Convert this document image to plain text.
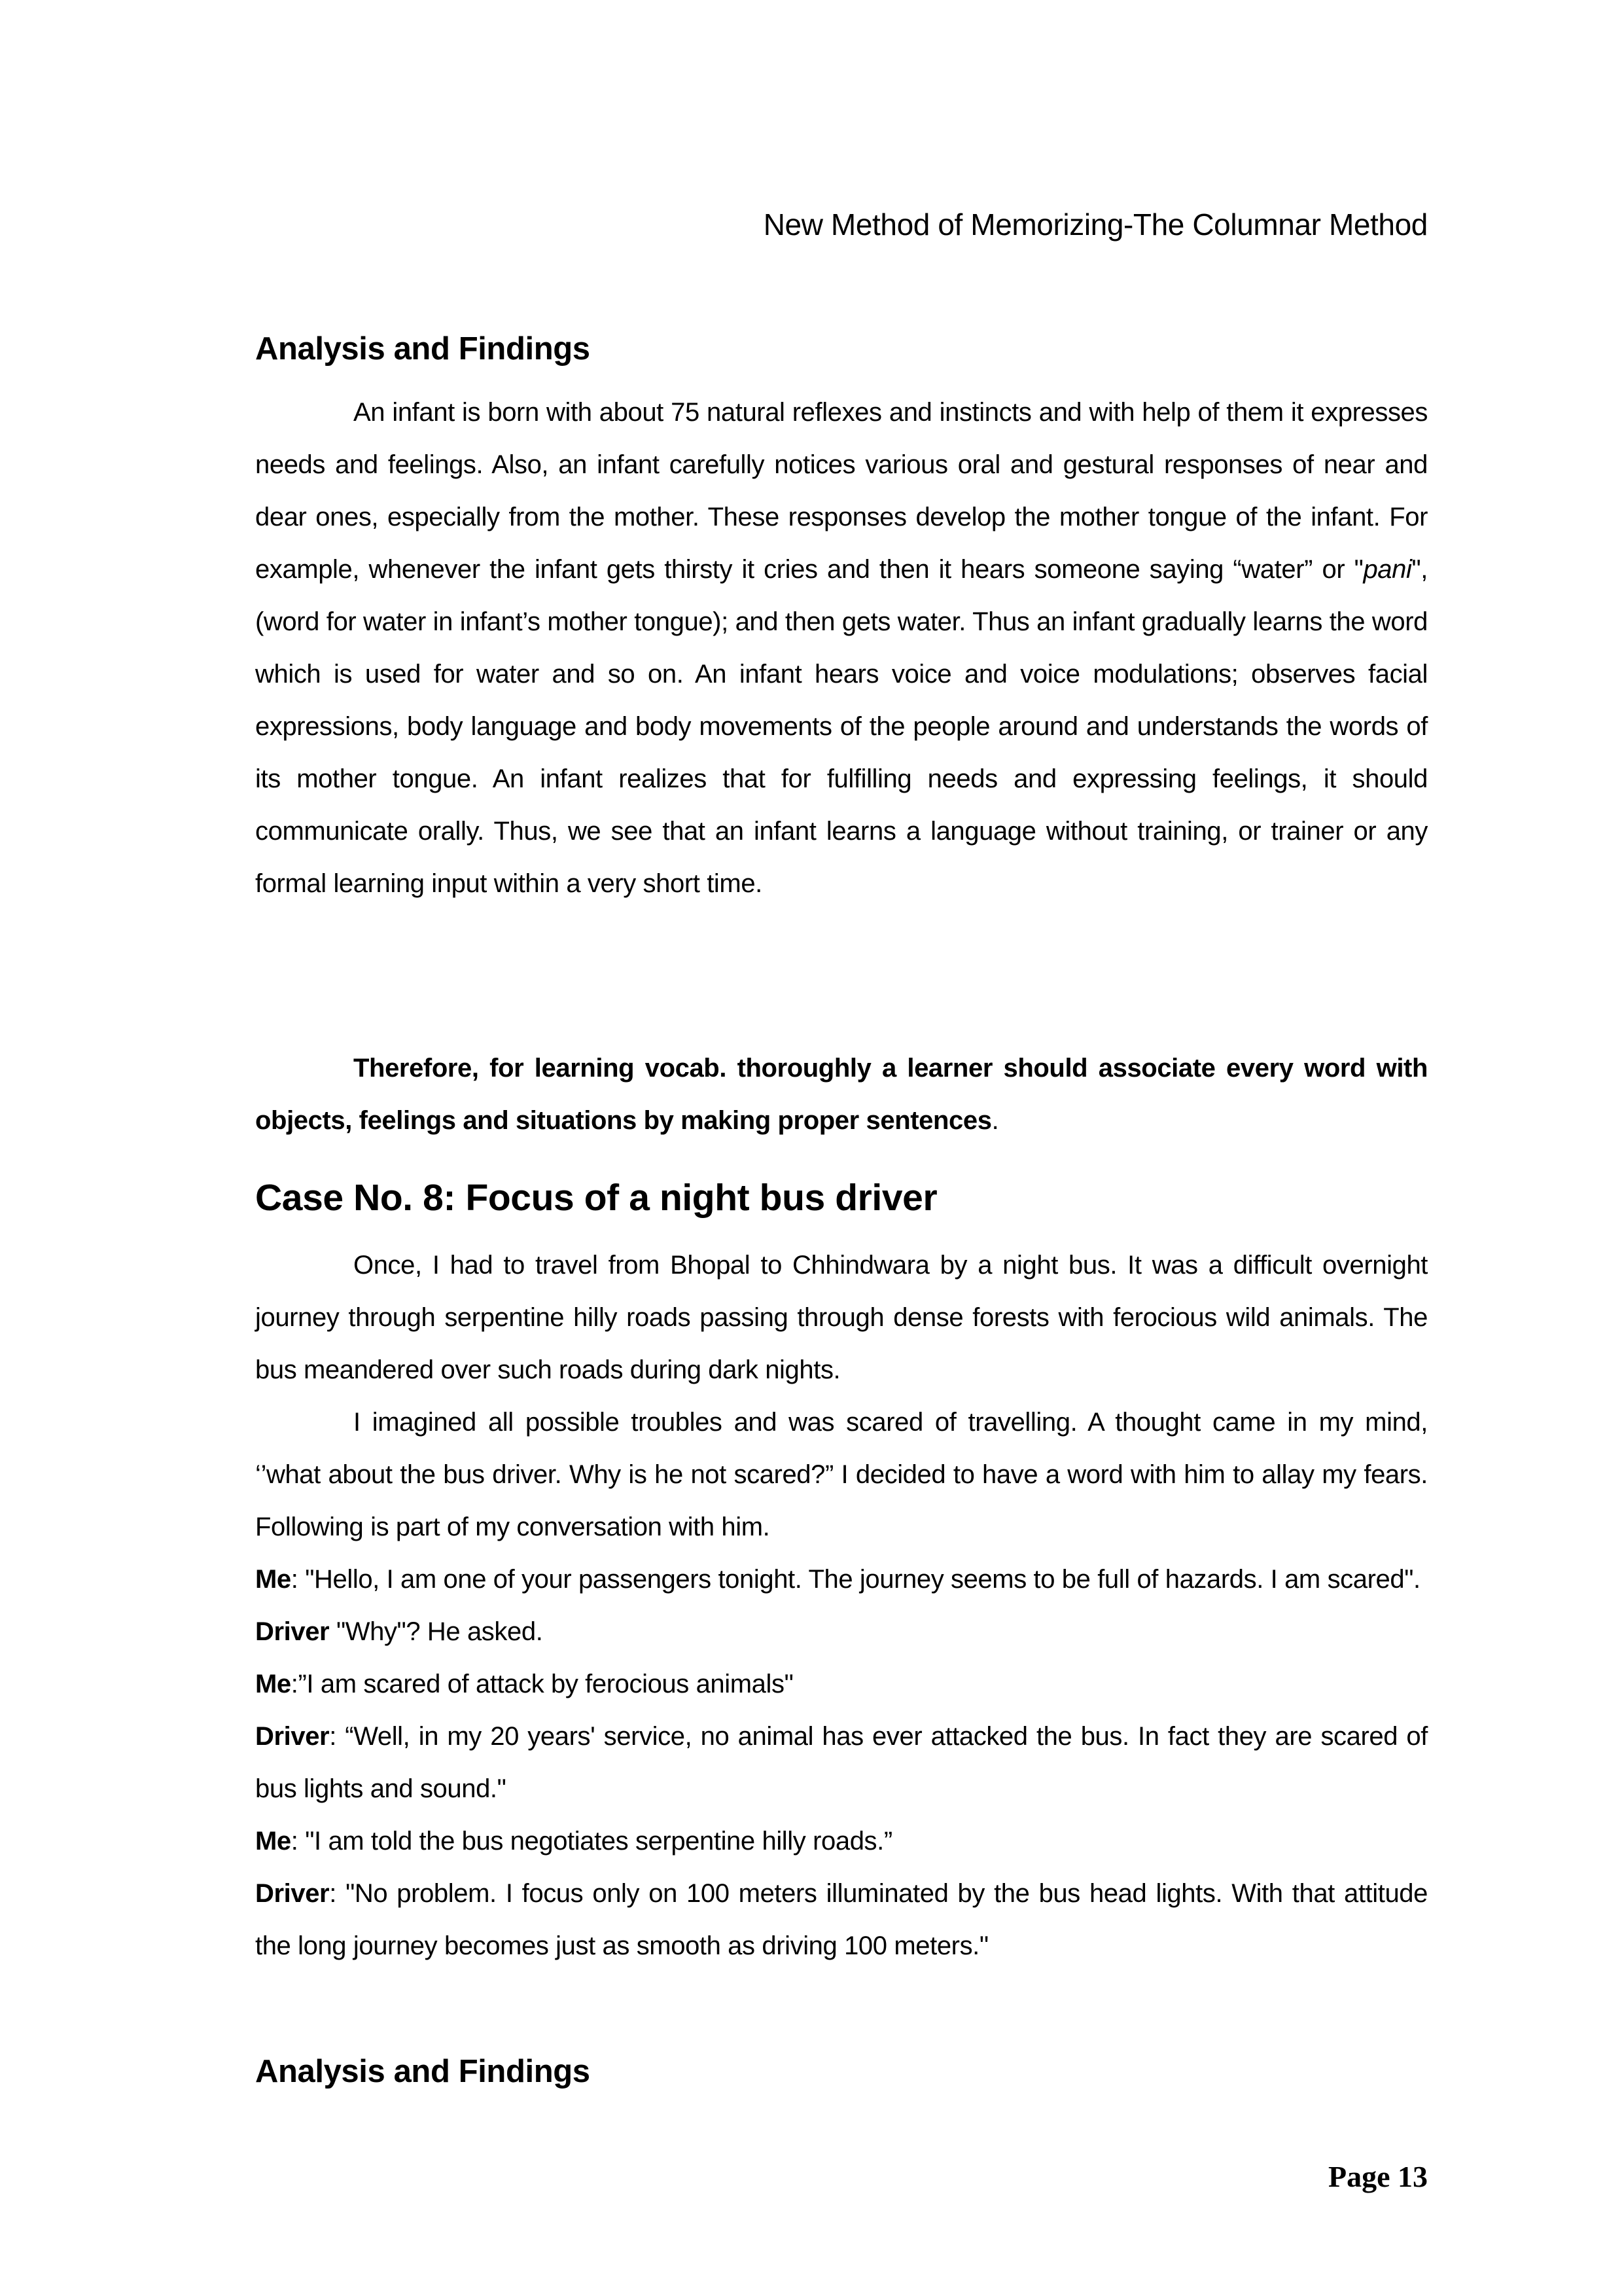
New Method of Memorizing-The Columnar Method
Analysis and Findings
An infant is born with about 75 natural reflexes and instincts and with help of them it expresses needs and feelings. Also, an infant carefully notices various oral and gestural responses of near and dear ones, especially from the mother. These responses develop the mother tongue of the infant. For example, whenever the infant gets thirsty it cries and then it hears someone saying “water” or "pani", (word for water in infant’s mother tongue); and then gets water. Thus an infant gradually learns the word which is used for water and so on. An infant hears voice and voice modulations; observes facial expressions, body language and body movements of the people around and understands the words of its mother tongue. An infant realizes that for fulfilling needs and expressing feelings, it should communicate orally. Thus, we see that an infant learns a language without training, or trainer or any formal learning input within a very short time.
Therefore, for learning vocab. thoroughly a learner should associate every word with objects, feelings and situations by making proper sentences.
Case No. 8: Focus of a night bus driver
Once, I had to travel from Bhopal to Chhindwara by a night bus. It was a difficult overnight journey through serpentine hilly roads passing through dense forests with ferocious wild animals. The bus meandered over such roads during dark nights.
I imagined all possible troubles and was scared of travelling. A thought came in my mind, ‘’what about the bus driver. Why is he not scared?” I decided to have a word with him to allay my fears. Following is part of my conversation with him.

Me: "Hello, I am one of your passengers tonight. The journey seems to be full of hazards. I am scared".

Driver "Why"? He asked.

Me:”I am scared of attack by ferocious animals"

Driver: “Well, in my 20 years' service, no animal has ever attacked the bus. In fact they are scared of bus lights and sound."

Me: "I am told the bus negotiates serpentine hilly roads.”

Driver: "No problem. I focus only on 100 meters illuminated by the bus head lights. With that attitude the long journey becomes just as smooth as driving 100 meters."

Analysis and Findings
Page 13
